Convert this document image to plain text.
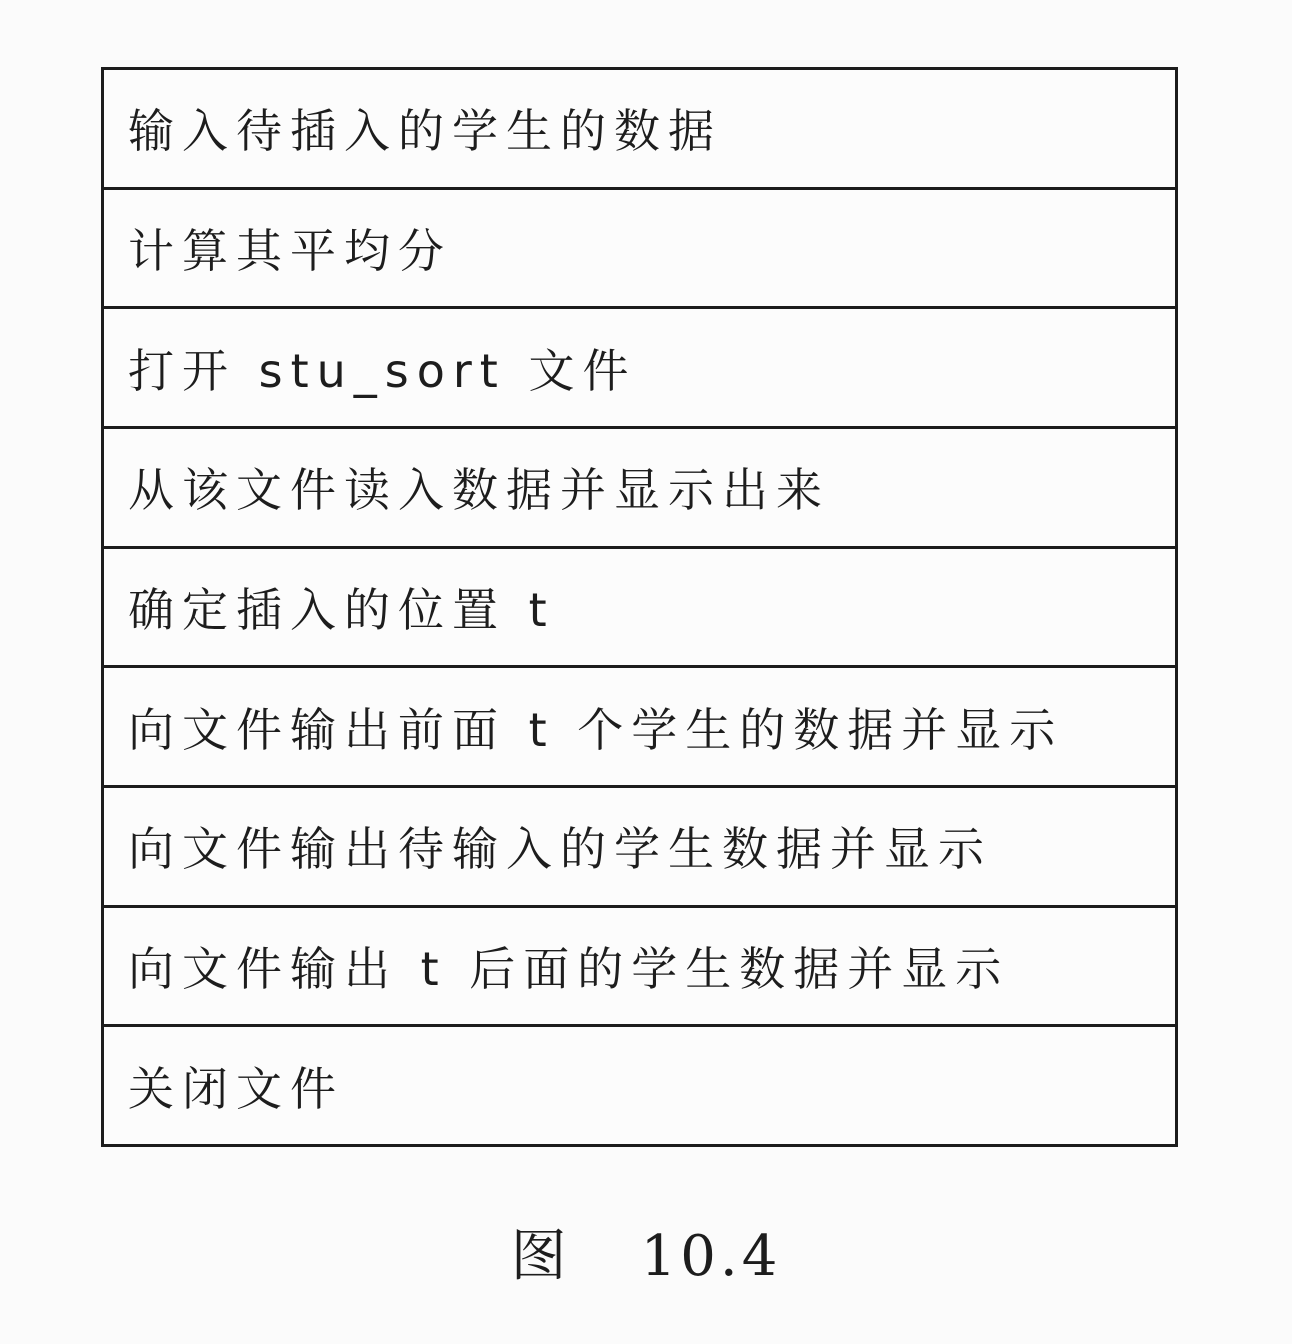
输入待插入的学生的数据
计算其平均分
打开 stu_sort 文件
从该文件读入数据并显示出来
确定插入的位置 t
向文件输出前面 t 个学生的数据并显示
向文件输出待输入的学生数据并显示
向文件输出 t 后面的学生数据并显示
关闭文件
图 10.4
